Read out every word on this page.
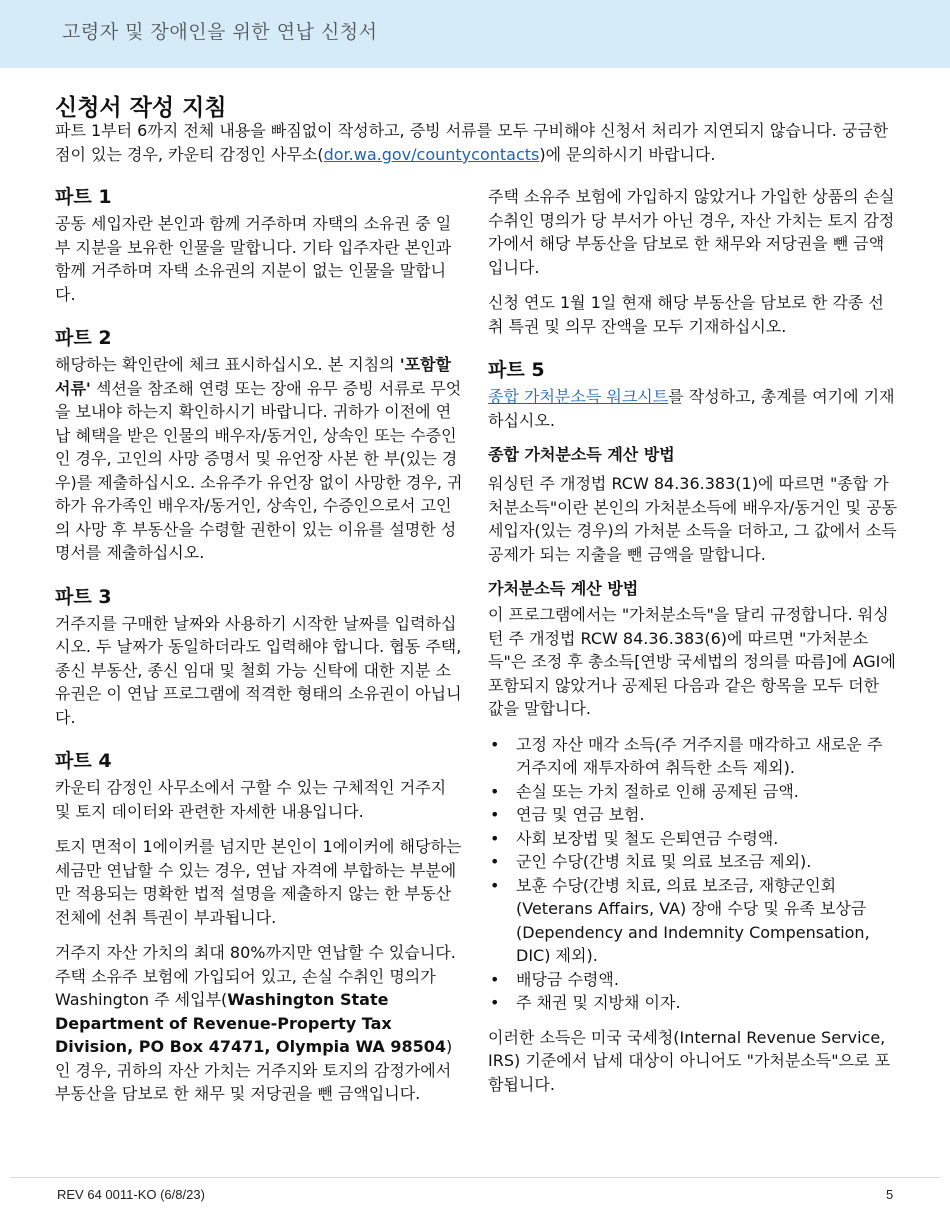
고령자 및 장애인을 위한 연납 신청서
신청서 작성 지침

파트 1부터 6까지 전체 내용을 빠짐없이 작성하고, 증빙 서류를 모두 구비해야 신청서 처리가 지연되지 않습니다. 궁금한 점이 있는 경우, 카운티 감정인 사무소(dor.wa.gov/countycontacts)에 문의하시기 바랍니다.

파트 1

공동 세입자란 본인과 함께 거주하며 자택의 소유권 중 일부 지분을 보유한 인물을 말합니다. 기타 입주자란 본인과 함께 거주하며 자택 소유권의 지분이 없는 인물을 말합니다.

파트 2

해당하는 확인란에 체크 표시하십시오. 본 지침의 '포함할 서류' 섹션을 참조해 연령 또는 장애 유무 증빙 서류로 무엇을 보내야 하는지 확인하시기 바랍니다. 귀하가 이전에 연납 혜택을 받은 인물의 배우자/동거인, 상속인 또는 수증인인 경우, 고인의 사망 증명서 및 유언장 사본 한 부(있는 경우)를 제출하십시오. 소유주가 유언장 없이 사망한 경우, 귀하가 유가족인 배우자/동거인, 상속인, 수증인으로서 고인의 사망 후 부동산을 수령할 권한이 있는 이유를 설명한 성명서를 제출하십시오.

파트 3

거주지를 구매한 날짜와 사용하기 시작한 날짜를 입력하십시오. 두 날짜가 동일하더라도 입력해야 합니다. 협동 주택, 종신 부동산, 종신 임대 및 철회 가능 신탁에 대한 지분 소유권은 이 연납 프로그램에 적격한 형태의 소유권이 아닙니다.

파트 4

카운티 감정인 사무소에서 구할 수 있는 구체적인 거주지 및 토지 데이터와 관련한 자세한 내용입니다.

토지 면적이 1에이커를 넘지만 본인이 1에이커에 해당하는 세금만 연납할 수 있는 경우, 연납 자격에 부합하는 부분에만 적용되는 명확한 법적 설명을 제출하지 않는 한 부동산 전체에 선취 특권이 부과됩니다.

거주지 자산 가치의 최대 80%까지만 연납할 수 있습니다. 주택 소유주 보험에 가입되어 있고, 손실 수취인 명의가 Washington 주 세입부(Washington State Department of Revenue-Property Tax Division, PO Box 47471, Olympia WA 98504)인 경우, 귀하의 자산 가치는 거주지와 토지의 감정가에서 부동산을 담보로 한 채무 및 저당권을 뺀 금액입니다.

주택 소유주 보험에 가입하지 않았거나 가입한 상품의 손실 수취인 명의가 당 부서가 아닌 경우, 자산 가치는 토지 감정가에서 해당 부동산을 담보로 한 채무와 저당권을 뺀 금액입니다.

신청 연도 1월 1일 현재 해당 부동산을 담보로 한 각종 선취 특권 및 의무 잔액을 모두 기재하십시오.

파트 5

종합 가처분소득 워크시트를 작성하고, 총계를 여기에 기재하십시오.

종합 가처분소득 계산 방법

워싱턴 주 개정법 RCW 84.36.383(1)에 따르면 "종합 가처분소득"이란 본인의 가처분소득에 배우자/동거인 및 공동 세입자(있는 경우)의 가처분 소득을 더하고, 그 값에서 소득 공제가 되는 지출을 뺀 금액을 말합니다.

가처분소득 계산 방법

이 프로그램에서는 "가처분소득"을 달리 규정합니다. 워싱턴 주 개정법 RCW 84.36.383(6)에 따르면 "가처분소득"은 조정 후 총소득[연방 국세법의 정의를 따름]에 AGI에 포함되지 않았거나 공제된 다음과 같은 항목을 모두 더한 값을 말합니다.

• 고정 자산 매각 소득(주 거주지를 매각하고 새로운 주 거주지에 재투자하여 취득한 소득 제외).
• 손실 또는 가치 절하로 인해 공제된 금액.
• 연금 및 연금 보험.
• 사회 보장법 및 철도 은퇴연금 수령액.
• 군인 수당(간병 치료 및 의료 보조금 제외).
• 보훈 수당(간병 치료, 의료 보조금, 재향군인회(Veterans Affairs, VA) 장애 수당 및 유족 보상금(Dependency and Indemnity Compensation, DIC) 제외).
• 배당금 수령액.
• 주 채권 및 지방채 이자.

이러한 소득은 미국 국세청(Internal Revenue Service, IRS) 기준에서 납세 대상이 아니어도 "가처분소득"으로 포함됩니다.

REV 64 0011-KO (6/8/23)	5
